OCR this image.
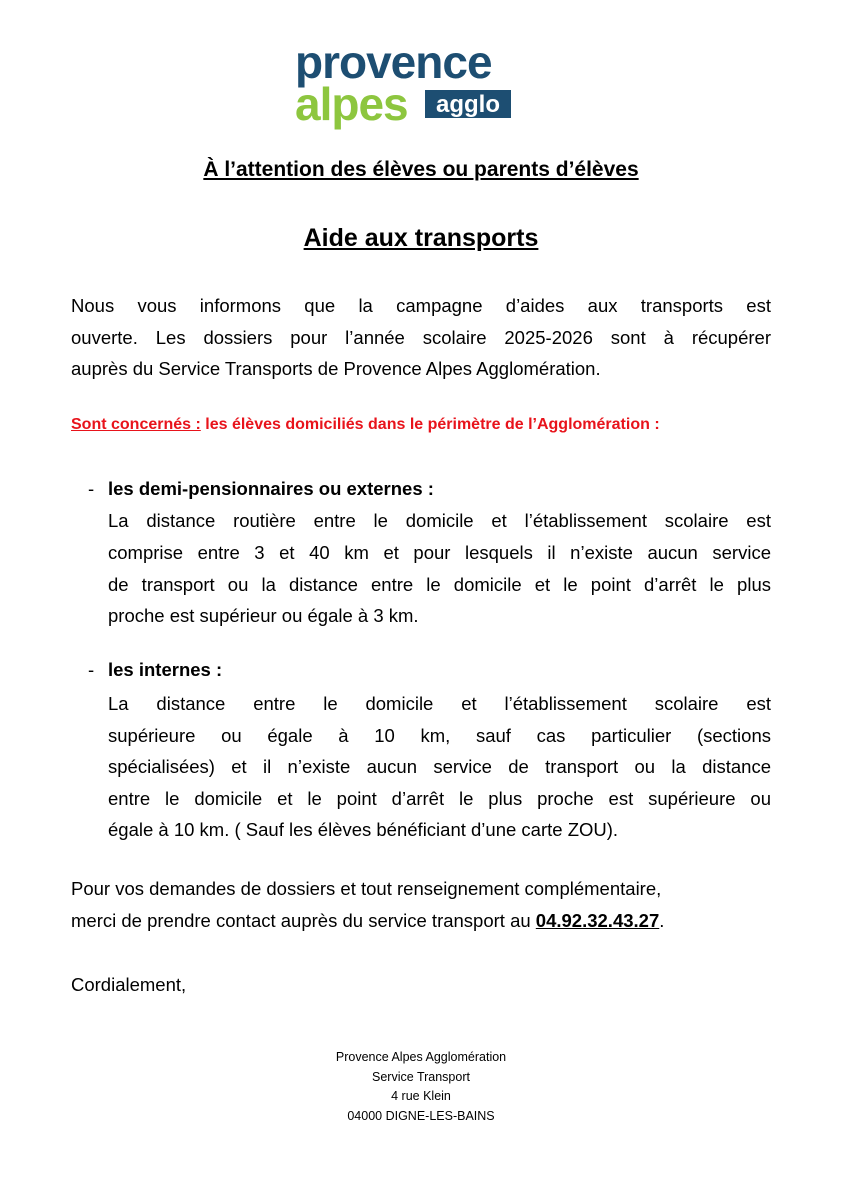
provence
alpes agglo
À l’attention des élèves ou parents d’élèves
Aide aux transports
Nous vous informons que la campagne d’aides aux transports est
ouverte. Les dossiers pour l’année scolaire 2025-2026 sont à récupérer
auprès du Service Transports de Provence Alpes Agglomération.
Sont concernés : les élèves domiciliés dans le périmètre de l’Agglomération :
- les demi-pensionnaires ou externes :
La distance routière entre le domicile et l’établissement scolaire est
comprise entre 3 et 40 km et pour lesquels il n’existe aucun service
de transport ou la distance entre le domicile et le point d’arrêt le plus
proche est supérieur ou égale à 3 km.
- les internes :
La distance entre le domicile et l’établissement scolaire est
supérieure ou égale à 10 km, sauf cas particulier (sections
spécialisées) et il n’existe aucun service de transport ou la distance
entre le domicile et le point d’arrêt le plus proche est supérieure ou
égale à 10 km. ( Sauf les élèves bénéficiant d’une carte ZOU).
Pour vos demandes de dossiers et tout renseignement complémentaire,
merci de prendre contact auprès du service transport au 04.92.32.43.27.
Cordialement,
Provence Alpes Agglomération
Service Transport
4 rue Klein
04000 DIGNE-LES-BAINS
